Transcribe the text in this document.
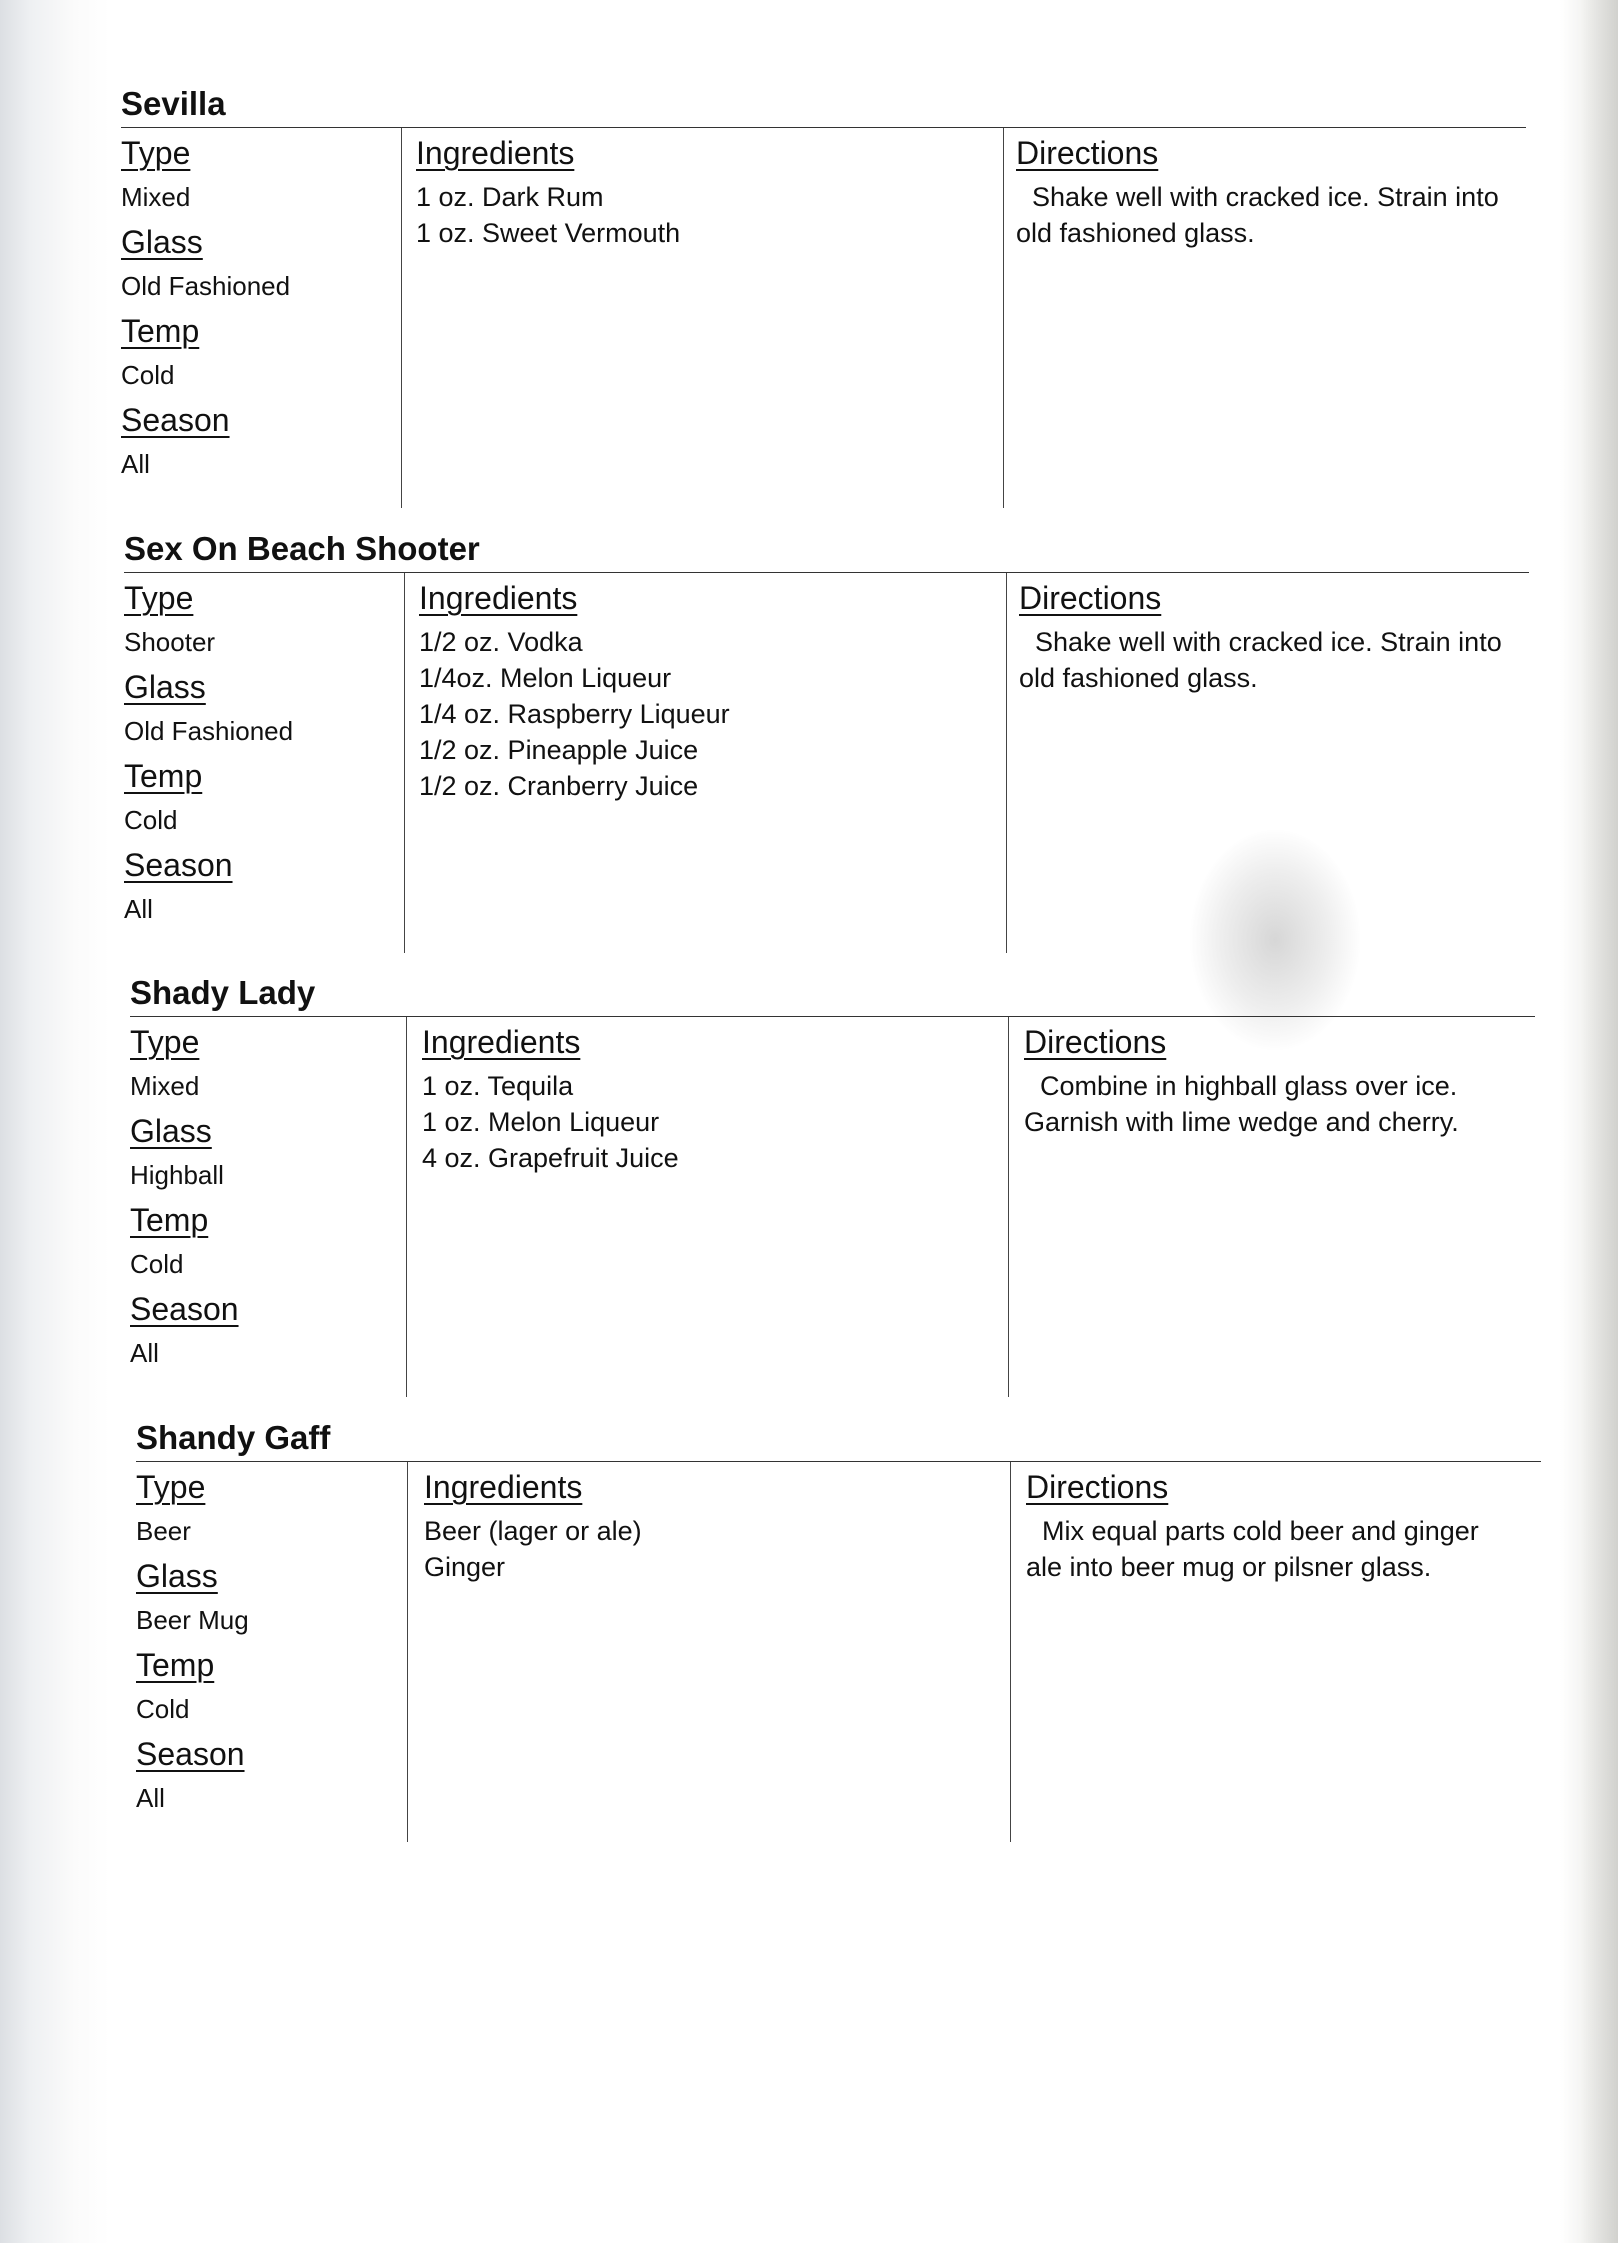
Sevilla
Type
Mixed
Glass
Old Fashioned
Temp
Cold
Season
All
Ingredients
1 oz. Dark Rum
1 oz. Sweet Vermouth
Directions
Shake well with cracked ice. Strain into old fashioned glass.
Sex On Beach Shooter
Type
Shooter
Glass
Old Fashioned
Temp
Cold
Season
All
Ingredients
1/2 oz. Vodka
1/4oz. Melon Liqueur
1/4 oz. Raspberry Liqueur
1/2 oz. Pineapple Juice
1/2 oz. Cranberry Juice
Directions
Shake well with cracked ice. Strain into old fashioned glass.
Shady Lady
Type
Mixed
Glass
Highball
Temp
Cold
Season
All
Ingredients
1 oz. Tequila
1 oz. Melon Liqueur
4 oz. Grapefruit Juice
Directions
Combine in highball glass over ice. Garnish with lime wedge and cherry.
Shandy Gaff
Type
Beer
Glass
Beer Mug
Temp
Cold
Season
All
Ingredients
Beer (lager or ale)
Ginger
Directions
Mix equal parts cold beer and ginger ale into beer mug or pilsner glass.
